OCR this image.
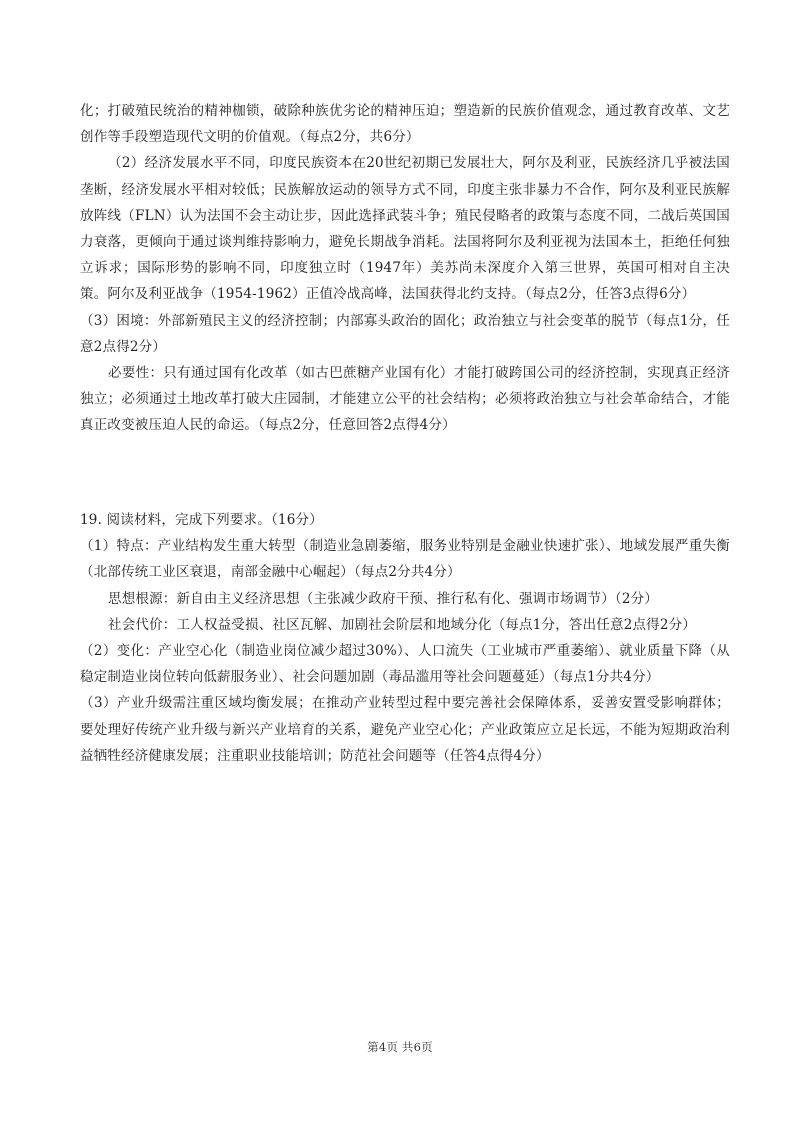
化；打破殖民统治的精神枷锁，破除种族优劣论的精神压迫；塑造新的民族价值观念，通过教育改革、文艺创作等手段塑造现代文明的价值观。（每点2分，共6分）

（2）经济发展水平不同，印度民族资本在20世纪初期已发展壮大，阿尔及利亚，民族经济几乎被法国垄断，经济发展水平相对较低；民族解放运动的领导方式不同，印度主张非暴力不合作，阿尔及利亚民族解放阵线（FLN）认为法国不会主动让步，因此选择武装斗争；殖民侵略者的政策与态度不同，二战后英国国力衰落，更倾向于通过谈判维持影响力，避免长期战争消耗。法国将阿尔及利亚视为法国本土，拒绝任何独立诉求；国际形势的影响不同，印度独立时（1947年）美苏尚未深度介入第三世界，英国可相对自主决策。阿尔及利亚战争（1954-1962）正值冷战高峰，法国获得北约支持。（每点2分，任答3点得6分）

（3）困境：外部新殖民主义的经济控制；内部寡头政治的固化；政治独立与社会变革的脱节（每点1分，任意2点得2分）

必要性：只有通过国有化改革（如古巴蔗糖产业国有化）才能打破跨国公司的经济控制，实现真正经济独立；必须通过土地改革打破大庄园制，才能建立公平的社会结构；必须将政治独立与社会革命结合，才能真正改变被压迫人民的命运。（每点2分，任意回答2点得4分）

19. 阅读材料，完成下列要求。（16分）

（1）特点：产业结构发生重大转型（制造业急剧萎缩，服务业特别是金融业快速扩张）、地域发展严重失衡（北部传统工业区衰退，南部金融中心崛起）（每点2分共4分）

思想根源：新自由主义经济思想（主张减少政府干预、推行私有化、强调市场调节）（2分）

社会代价：工人权益受损、社区瓦解、加剧社会阶层和地域分化（每点1分，答出任意2点得2分）

（2）变化：产业空心化（制造业岗位减少超过30%）、人口流失（工业城市严重萎缩）、就业质量下降（从稳定制造业岗位转向低薪服务业）、社会问题加剧（毒品滥用等社会问题蔓延）（每点1分共4分）

（3）产业升级需注重区域均衡发展；在推动产业转型过程中要完善社会保障体系，妥善安置受影响群体；要处理好传统产业升级与新兴产业培育的关系，避免产业空心化；产业政策应立足长远，不能为短期政治利益牺牲经济健康发展；注重职业技能培训；防范社会问题等（任答4点得4分）

第4页 共6页
